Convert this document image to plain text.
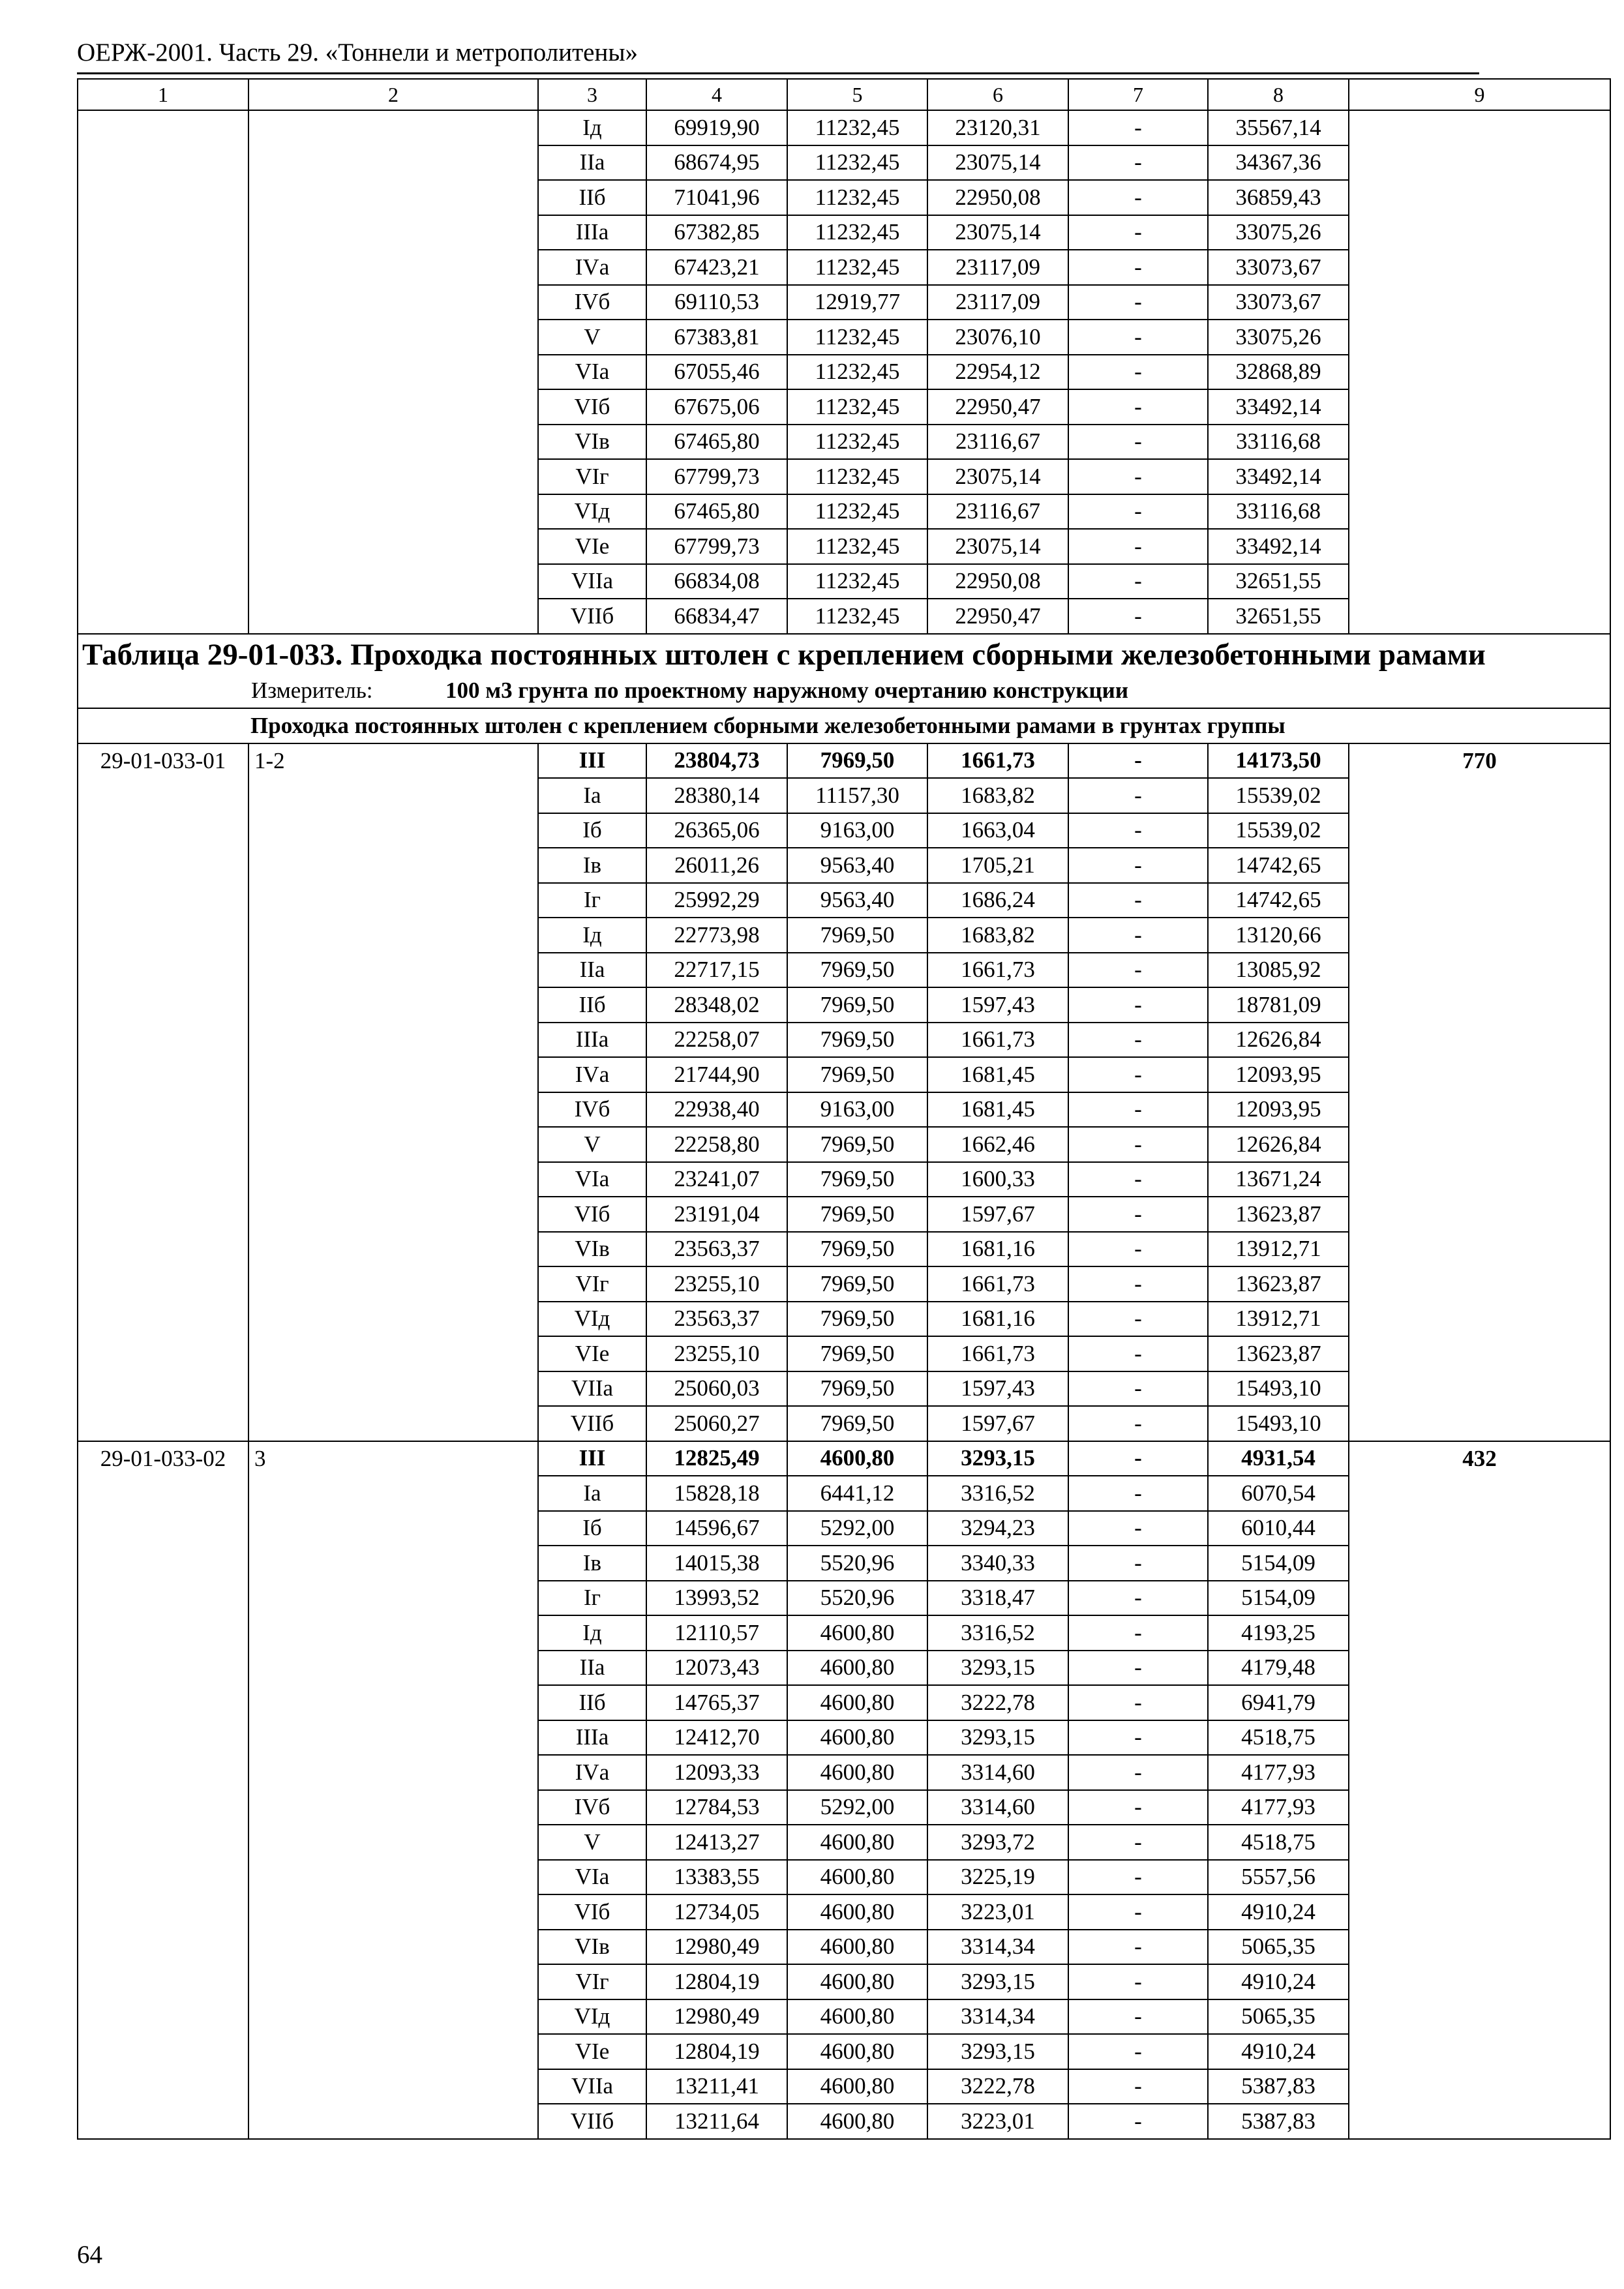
ОЕРЖ-2001. Часть 29. «Тоннели и метрополитены»
1	2	3	4	5	6	7	8	9
		Iд	69919,90	11232,45	23120,31	-	35567,14	
		IIа	68674,95	11232,45	23075,14	-	34367,36	
		IIб	71041,96	11232,45	22950,08	-	36859,43	
		IIIа	67382,85	11232,45	23075,14	-	33075,26	
		IVа	67423,21	11232,45	23117,09	-	33073,67	
		IVб	69110,53	12919,77	23117,09	-	33073,67	
		V	67383,81	11232,45	23076,10	-	33075,26	
		VIа	67055,46	11232,45	22954,12	-	32868,89	
		VIб	67675,06	11232,45	22950,47	-	33492,14	
		VIв	67465,80	11232,45	23116,67	-	33116,68	
		VIг	67799,73	11232,45	23075,14	-	33492,14	
		VIд	67465,80	11232,45	23116,67	-	33116,68	
		VIе	67799,73	11232,45	23075,14	-	33492,14	
		VIIа	66834,08	11232,45	22950,08	-	32651,55	
		VIIб	66834,47	11232,45	22950,47	-	32651,55	

Таблица 29-01-033. Проходка постоянных штолен с креплением сборными железобетонными рамами
Измеритель: 100 м3 грунта по проектному наружному очертанию конструкции								

Проходка постоянных штолен с креплением сборными железобетонными рамами в грунтах группы								
29-01-033-01	1-2	III	23804,73	7969,50	1661,73	-	14173,50	770
		Iа	28380,14	11157,30	1683,82	-	15539,02	
		Iб	26365,06	9163,00	1663,04	-	15539,02	
		Iв	26011,26	9563,40	1705,21	-	14742,65	
		Iг	25992,29	9563,40	1686,24	-	14742,65	
		Iд	22773,98	7969,50	1683,82	-	13120,66	
		IIа	22717,15	7969,50	1661,73	-	13085,92	
		IIб	28348,02	7969,50	1597,43	-	18781,09	
		IIIа	22258,07	7969,50	1661,73	-	12626,84	
		IVа	21744,90	7969,50	1681,45	-	12093,95	
		IVб	22938,40	9163,00	1681,45	-	12093,95	
		V	22258,80	7969,50	1662,46	-	12626,84	
		VIа	23241,07	7969,50	1600,33	-	13671,24	
		VIб	23191,04	7969,50	1597,67	-	13623,87	
		VIв	23563,37	7969,50	1681,16	-	13912,71	
		VIг	23255,10	7969,50	1661,73	-	13623,87	
		VIд	23563,37	7969,50	1681,16	-	13912,71	
		VIе	23255,10	7969,50	1661,73	-	13623,87	
		VIIа	25060,03	7969,50	1597,43	-	15493,10	
		VIIб	25060,27	7969,50	1597,67	-	15493,10	
29-01-033-02	3	III	12825,49	4600,80	3293,15	-	4931,54	432
		Iа	15828,18	6441,12	3316,52	-	6070,54	
		Iб	14596,67	5292,00	3294,23	-	6010,44	
		Iв	14015,38	5520,96	3340,33	-	5154,09	
		Iг	13993,52	5520,96	3318,47	-	5154,09	
		Iд	12110,57	4600,80	3316,52	-	4193,25	
		IIа	12073,43	4600,80	3293,15	-	4179,48	
		IIб	14765,37	4600,80	3222,78	-	6941,79	
		IIIа	12412,70	4600,80	3293,15	-	4518,75	
		IVа	12093,33	4600,80	3314,60	-	4177,93	
		IVб	12784,53	5292,00	3314,60	-	4177,93	
		V	12413,27	4600,80	3293,72	-	4518,75	
		VIа	13383,55	4600,80	3225,19	-	5557,56	
		VIб	12734,05	4600,80	3223,01	-	4910,24	
		VIв	12980,49	4600,80	3314,34	-	5065,35	
		VIг	12804,19	4600,80	3293,15	-	4910,24	
		VIд	12980,49	4600,80	3314,34	-	5065,35	
		VIе	12804,19	4600,80	3293,15	-	4910,24	
		VIIа	13211,41	4600,80	3222,78	-	5387,83	
		VIIб	13211,64	4600,80	3223,01	-	5387,83	
64
